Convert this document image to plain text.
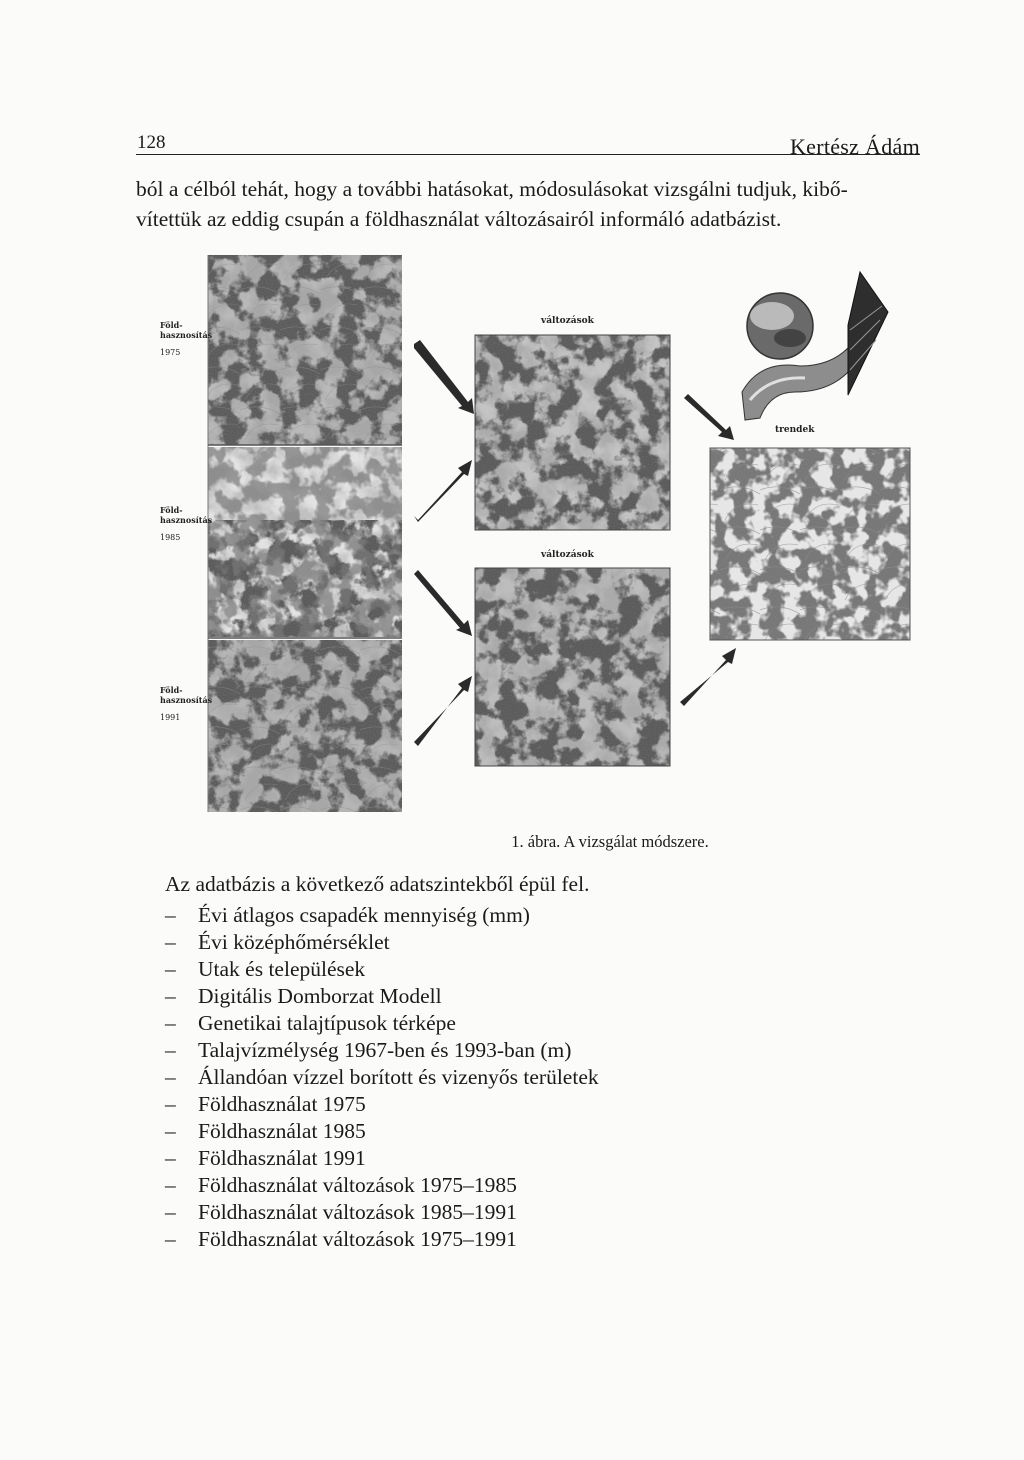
128	Kertész Ádám
ból a célból tehát, hogy a további hatásokat, módosulásokat vizsgálni tudjuk, kibő-
vítettük az eddig csupán a földhasználat változásairól informáló adatbázist.
Föld-
hasznosítás
1975
Föld-
hasznosítás
1985
Föld-
hasznosítás
1991
változások
változások
trendek
1. ábra. A vizsgálat módszere.
Az adatbázis a következő adatszintekből épül fel.
– Évi átlagos csapadék mennyiség (mm)
– Évi középhőmérséklet
– Utak és települések
– Digitális Domborzat Modell
– Genetikai talajtípusok térképe
– Talajvízmélység 1967-ben és 1993-ban (m)
– Állandóan vízzel borított és vizenyős területek
– Földhasználat 1975
– Földhasználat 1985
– Földhasználat 1991
– Földhasználat változások 1975–1985
– Földhasználat változások 1985–1991
– Földhasználat változások 1975–1991
